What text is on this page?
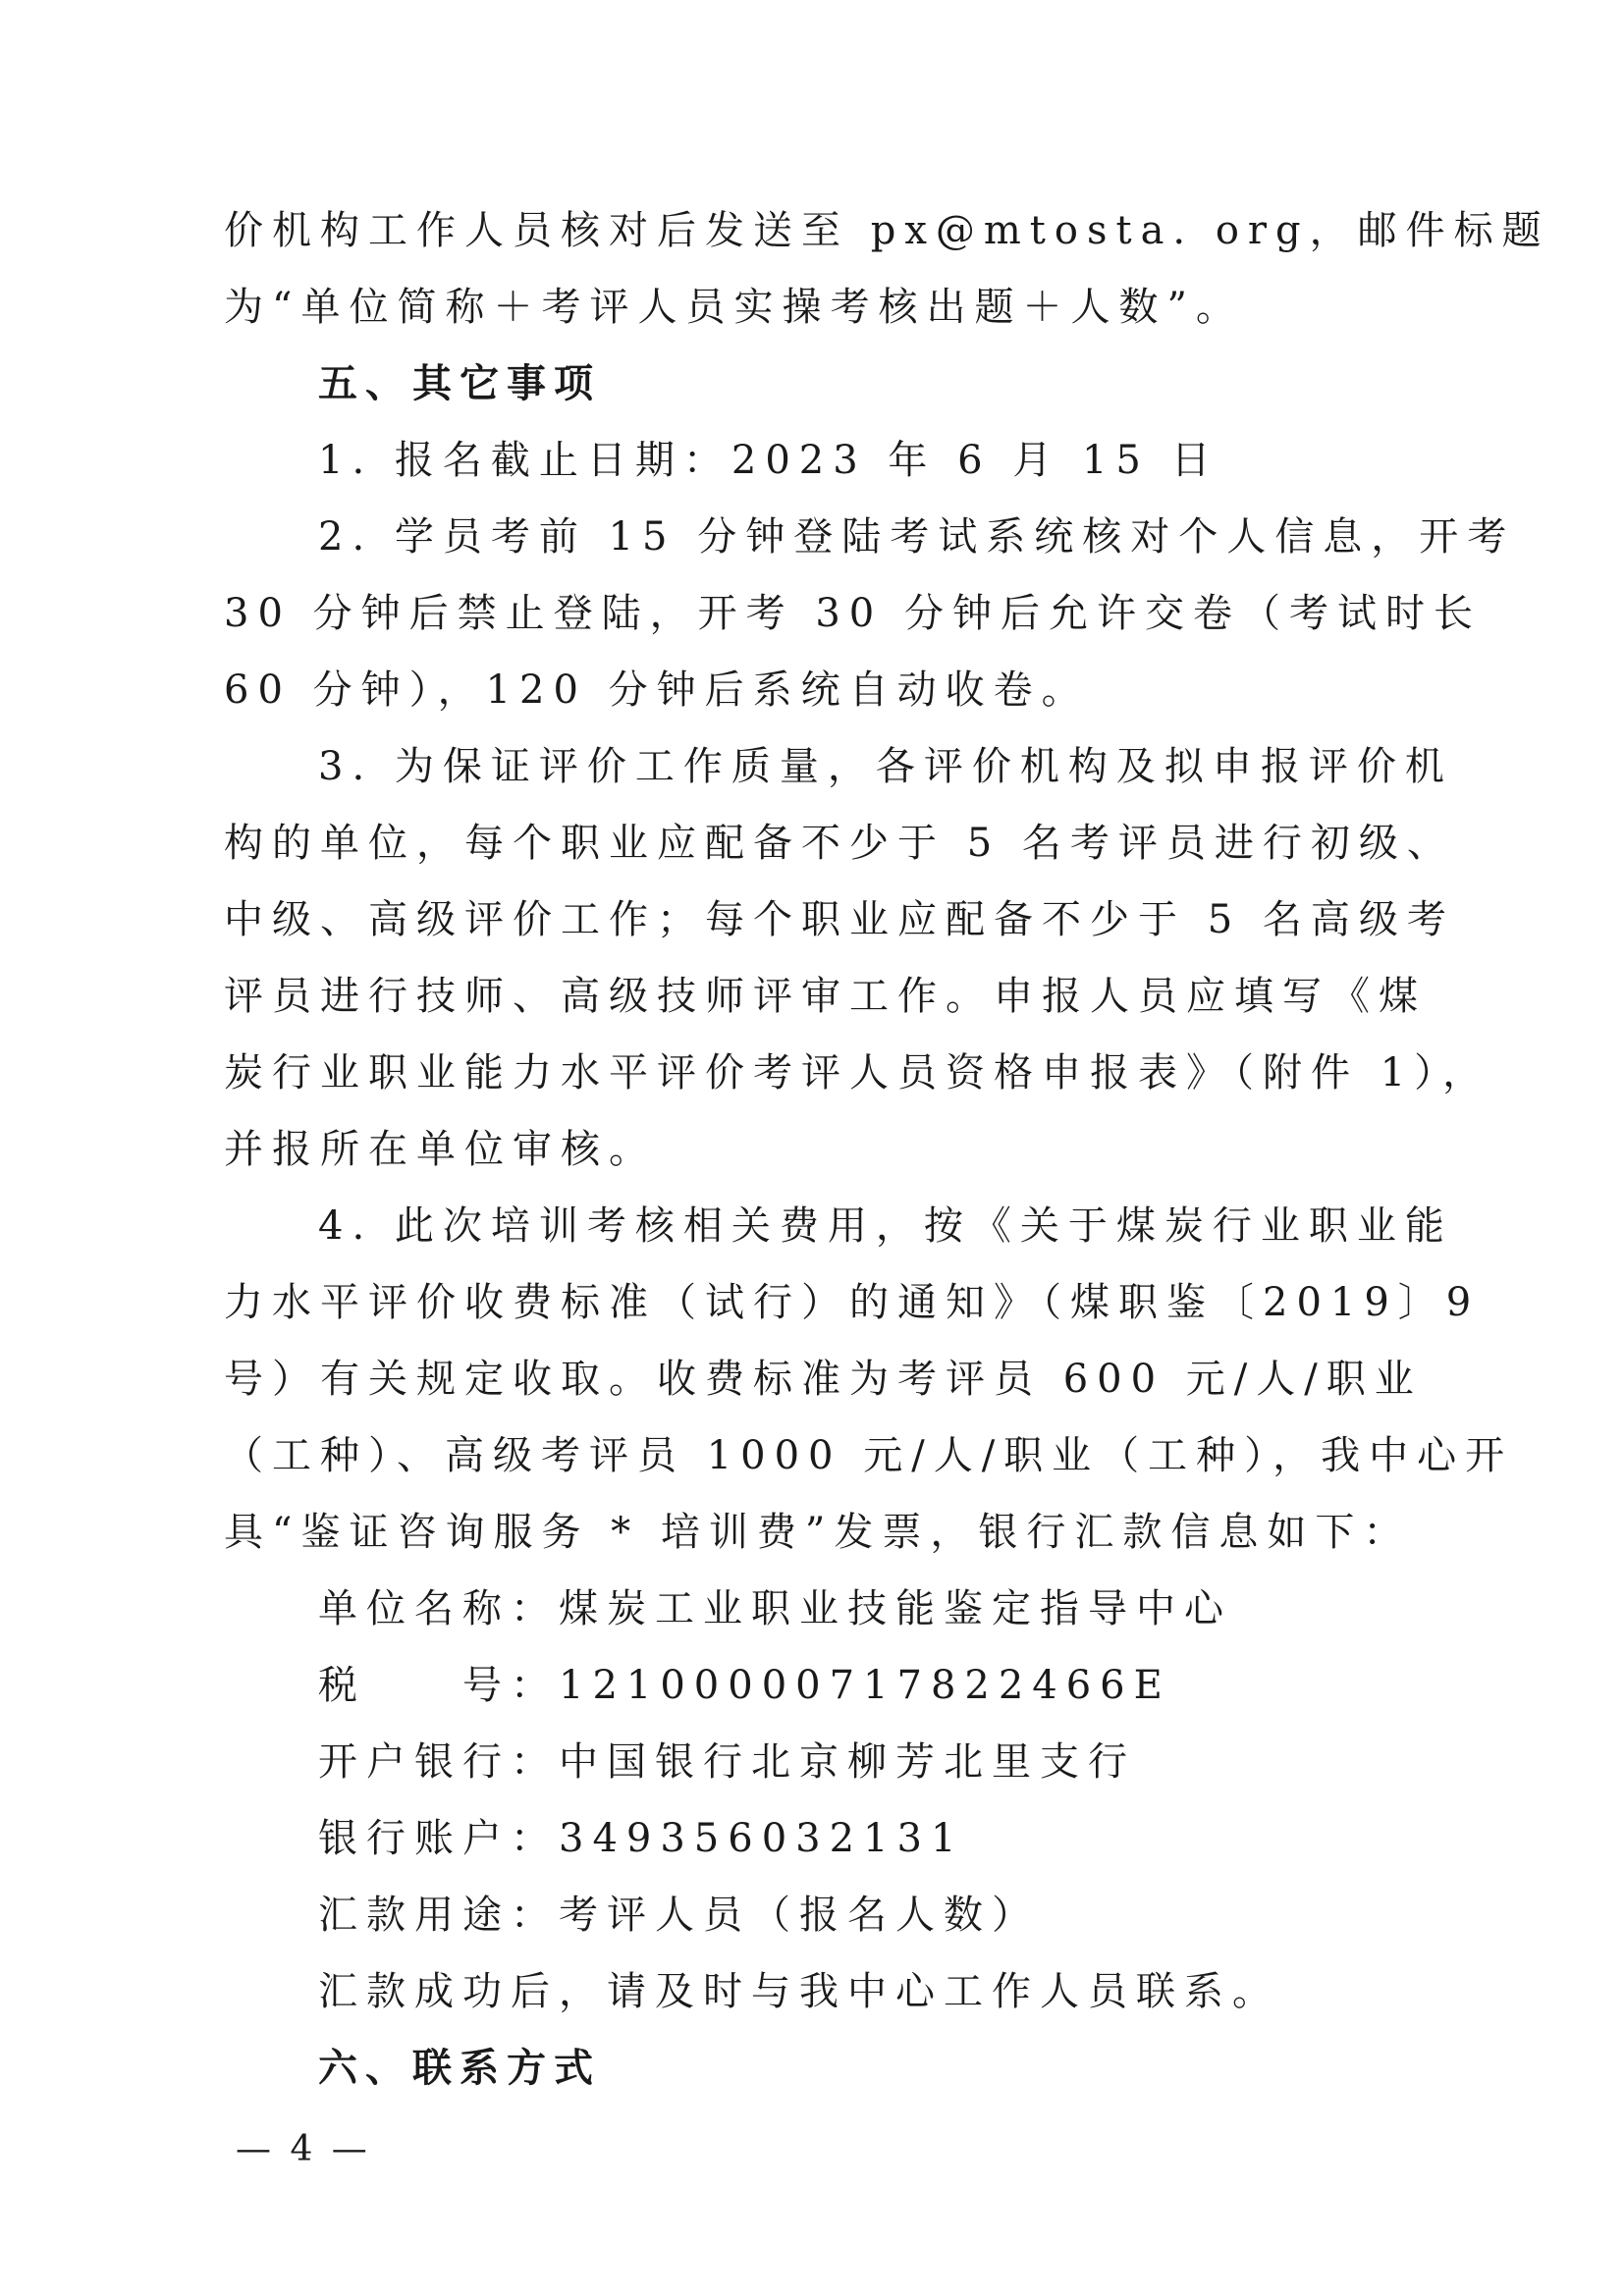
价机构工作人员核对后发送至 px@mtosta. org，邮件标题
为“单位简称＋考评人员实操考核出题＋人数”。
五、其它事项
1. 报名截止日期：2023 年 6 月 15 日
2. 学员考前 15 分钟登陆考试系统核对个人信息，开考
30 分钟后禁止登陆，开考 30 分钟后允许交卷（考试时长
60 分钟），120 分钟后系统自动收卷。
3. 为保证评价工作质量，各评价机构及拟申报评价机
构的单位，每个职业应配备不少于 5 名考评员进行初级、
中级、高级评价工作；每个职业应配备不少于 5 名高级考
评员进行技师、高级技师评审工作。申报人员应填写《煤
炭行业职业能力水平评价考评人员资格申报表》（附件 1），
并报所在单位审核。
4. 此次培训考核相关费用，按《关于煤炭行业职业能
力水平评价收费标准（试行）的通知》（煤职鉴〔2019〕9
号）有关规定收取。收费标准为考评员 600 元/人/职业
（工种）、高级考评员 1000 元/人/职业（工种），我中心开
具“鉴证咨询服务 * 培训费”发票，银行汇款信息如下：
单位名称：煤炭工业职业技能鉴定指导中心
税　　号：12100000717822466E
开户银行：中国银行北京柳芳北里支行
银行账户：349356032131
汇款用途：考评人员（报名人数）
汇款成功后，请及时与我中心工作人员联系。
六、联系方式
— 4 —
